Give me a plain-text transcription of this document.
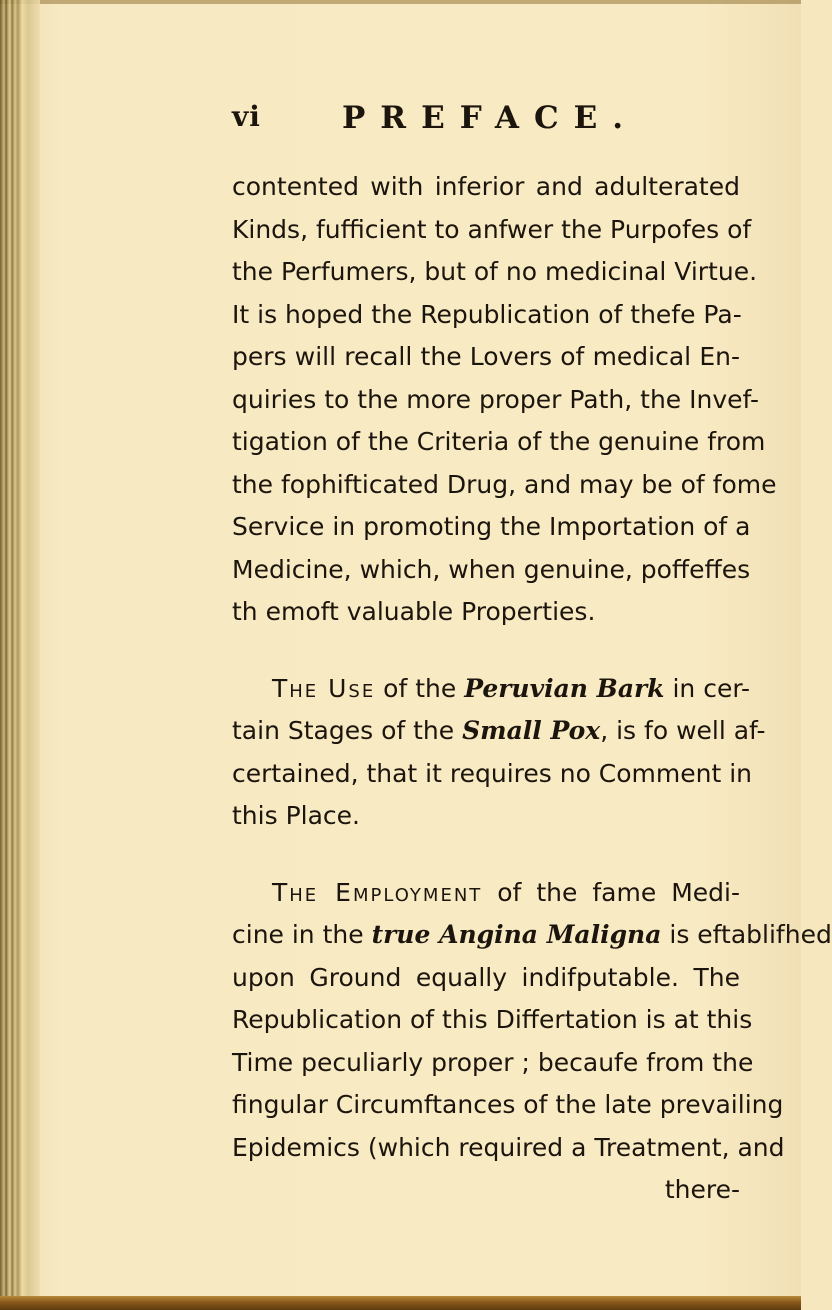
vi	PREFACE.
contented with inferior and adulterated
Kinds, fufficient to anfwer the Purpofes of
the Perfumers, but of no medicinal Virtue.
It is hoped the Republication of thefe Pa-
pers will recall the Lovers of medical En-
quiries to the more proper Path, the Invef-
tigation of the Criteria of the genuine from
the fophifticated Drug, and may be of fome
Service in promoting the Importation of a
Medicine, which, when genuine, poffeffes
th emoft valuable Properties.
The Use of the Peruvian Bark in cer-
tain Stages of the Small Pox, is fo well af-
certained, that it requires no Comment in
this Place.
The Employment of the fame Medi-
cine in the true Angina Maligna is eftablifhed
upon Ground equally indifputable. The
Republication of this Differtation is at this
Time peculiarly proper ; becaufe from the
fingular Circumftances of the late prevailing
Epidemics (which required a Treatment, and
there-
